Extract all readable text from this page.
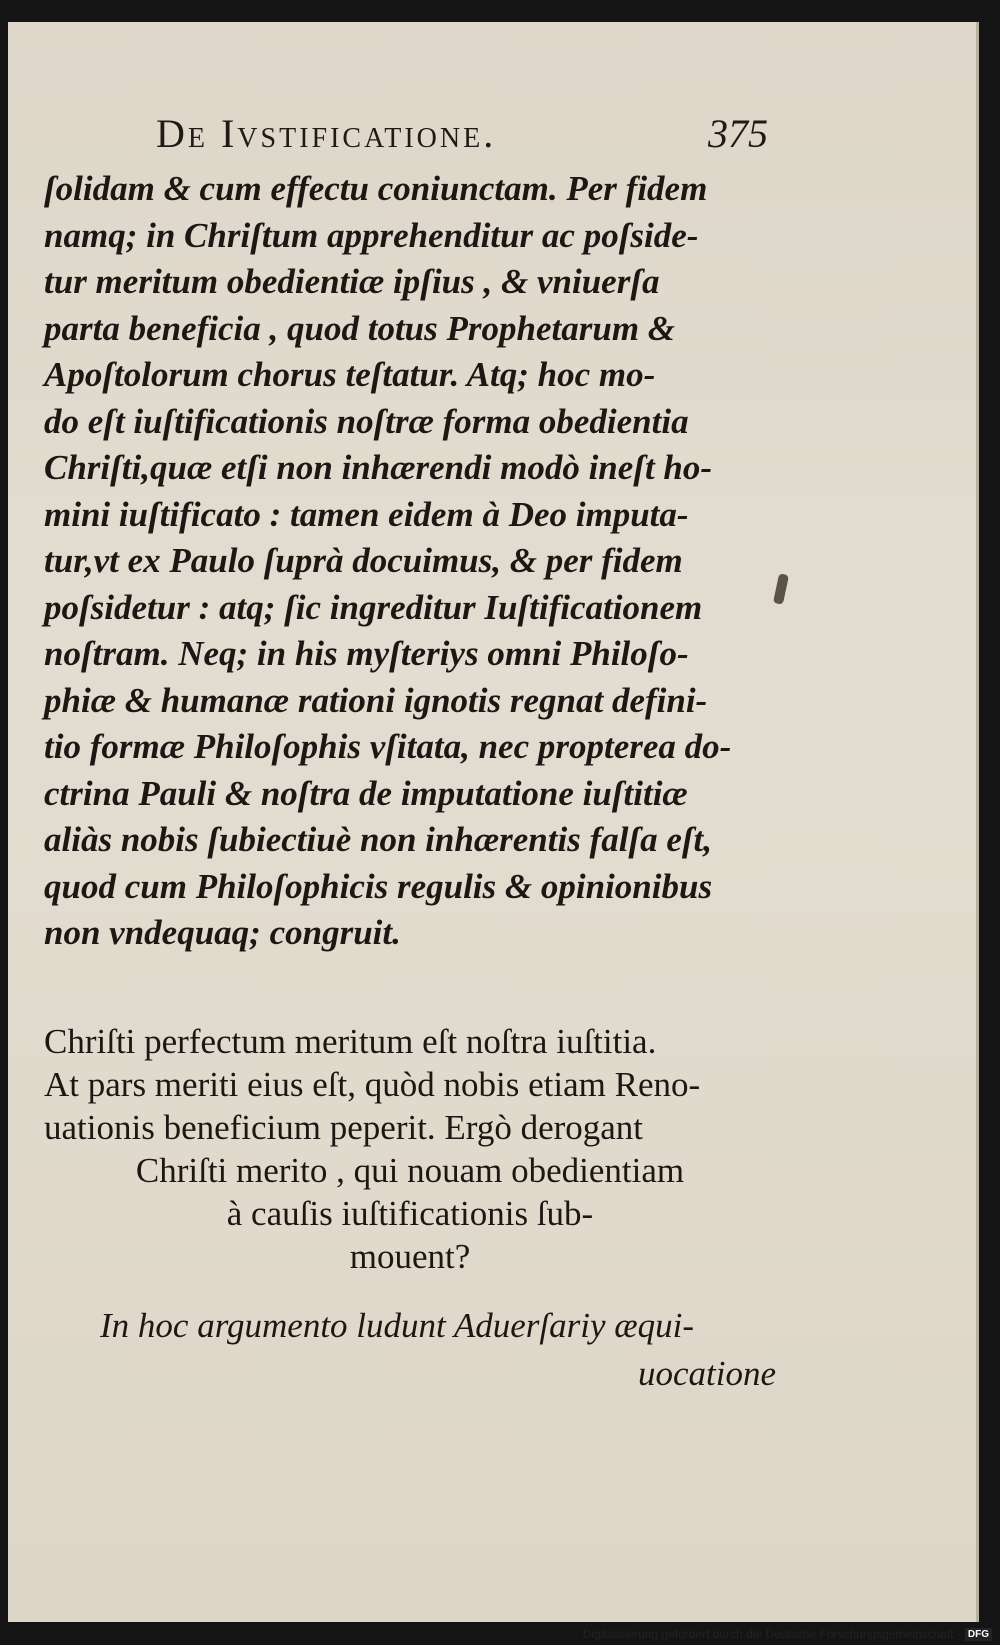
De Ivstificatione.	375
ſolidam & cum effectu coniunctam. Per fidem
namq; in Chriſtum apprehenditur ac poſside-
tur meritum obedientiæ ipſius , & vniuerſa
parta beneficia , quod totus Prophetarum &
Apoſtolorum chorus teſtatur. Atq; hoc mo-
do eſt iuſtificationis noſtræ forma obedientia
Chriſti,quæ etſi non inhærendi modò ineſt ho-
mini iuſtificato : tamen eidem à Deo imputa-
tur,vt ex Paulo ſuprà docuimus, & per fidem
poſsidetur : atq; ſic ingreditur Iuſtificationem
noſtram. Neq; in his myſteriys omni Philoſo-
phiæ & humanæ rationi ignotis regnat defini-
tio formæ Philoſophis vſitata, nec propterea do-
ctrina Pauli & noſtra de imputatione iuſtitiæ
aliàs nobis ſubiectiuè non inhærentis falſa eſt,
quod cum Philoſophicis regulis & opinionibus
non vndequaq; congruit.
Chriſti perfectum meritum eſt noſtra iuſtitia.
At pars meriti eius eſt, quòd nobis etiam Reno-
uationis beneficium peperit. Ergò derogant
Chriſti merito , qui nouam obedientiam
à cauſis iuſtificationis ſub-
mouent?
In hoc argumento ludunt Aduerſariy æqui-
uocatione
Digitalisierung gefördert durch die Deutsche Forschungsgemeinschaft - DFG
